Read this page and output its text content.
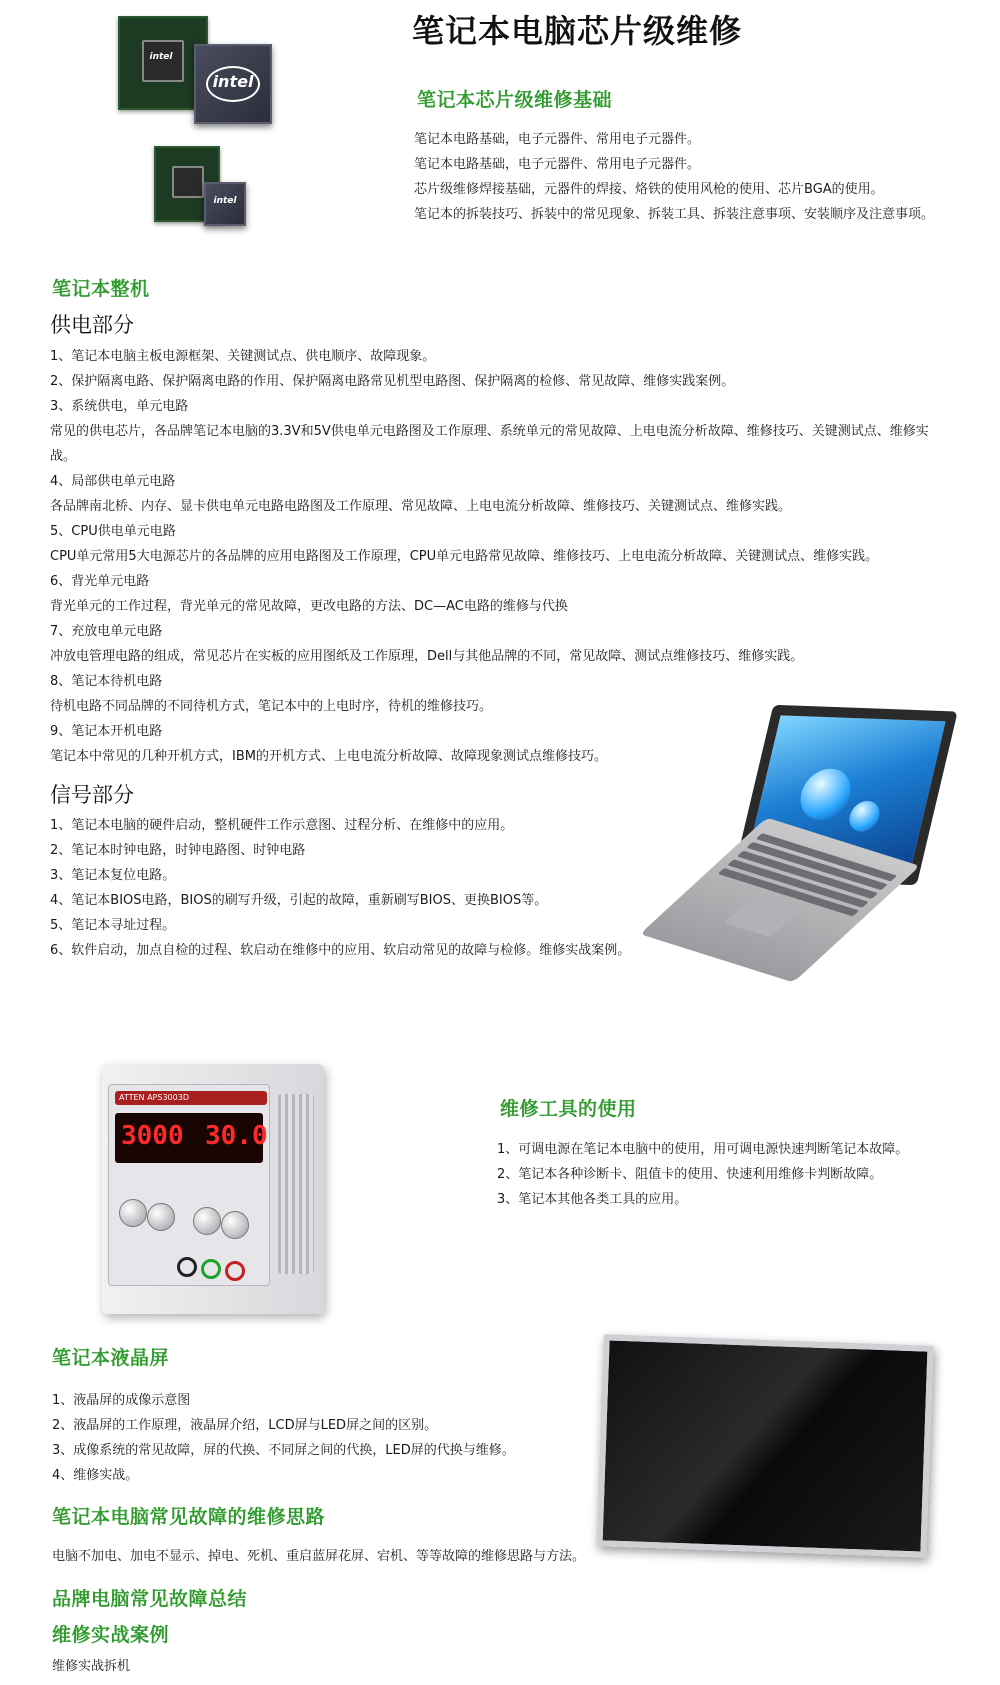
笔记本电脑芯片级维修
intel
intel
intel
笔记本芯片级维修基础
笔记本电路基础，电子元器件、常用电子元器件。
笔记本电路基础，电子元器件、常用电子元器件。
芯片级维修焊接基础，元器件的焊接、烙铁的使用风枪的使用、芯片BGA的使用。
笔记本的拆装技巧、拆装中的常见现象、拆装工具、拆装注意事项、安装顺序及注意事项。
笔记本整机
供电部分
1、笔记本电脑主板电源框架、关键测试点、供电顺序、故障现象。
2、保护隔离电路、保护隔离电路的作用、保护隔离电路常见机型电路图、保护隔离的检修、常见故障、维修实践案例。
3、系统供电，单元电路
常见的供电芯片，各品牌笔记本电脑的3.3V和5V供电单元电路图及工作原理、系统单元的常见故障、上电电流分析故障、维修技巧、关键测试点、维修实战。
4、局部供电单元电路
各品牌南北桥、内存、显卡供电单元电路电路图及工作原理、常见故障、上电电流分析故障、维修技巧、关键测试点、维修实践。
5、CPU供电单元电路
CPU单元常用5大电源芯片的各品牌的应用电路图及工作原理，CPU单元电路常见故障、维修技巧、上电电流分析故障、关键测试点、维修实践。
6、背光单元电路
背光单元的工作过程，背光单元的常见故障，更改电路的方法、DC—AC电路的维修与代换
7、充放电单元电路
冲放电管理电路的组成，常见芯片在实板的应用图纸及工作原理，Dell与其他品牌的不同，常见故障、测试点维修技巧、维修实践。
8、笔记本待机电路
待机电路不同品牌的不同待机方式，笔记本中的上电时序，待机的维修技巧。
9、笔记本开机电路
笔记本中常见的几种开机方式，IBM的开机方式、上电电流分析故障、故障现象测试点维修技巧。
信号部分
1、笔记本电脑的硬件启动，整机硬件工作示意图、过程分析、在维修中的应用。
2、笔记本时钟电路，时钟电路图、时钟电路
3、笔记本复位电路。
4、笔记本BIOS电路，BIOS的刷写升级，引起的故障，重新刷写BIOS、更换BIOS等。
5、笔记本寻址过程。
6、软件启动，加点自检的过程、软启动在维修中的应用、软启动常见的故障与检修。维修实战案例。
ATTEN APS3003D
3000 30.0
维修工具的使用
1、可调电源在笔记本电脑中的使用，用可调电源快速判断笔记本故障。
2、笔记本各种诊断卡、阻值卡的使用、快速利用维修卡判断故障。
3、笔记本其他各类工具的应用。
笔记本液晶屏
1、液晶屏的成像示意图
2、液晶屏的工作原理，液晶屏介绍，LCD屏与LED屏之间的区别。
3、成像系统的常见故障，屏的代换、不同屏之间的代换，LED屏的代换与维修。
4、维修实战。
笔记本电脑常见故障的维修思路
电脑不加电、加电不显示、掉电、死机、重启蓝屏花屏、宕机、等等故障的维修思路与方法。
品牌电脑常见故障总结
维修实战案例
维修实战拆机
